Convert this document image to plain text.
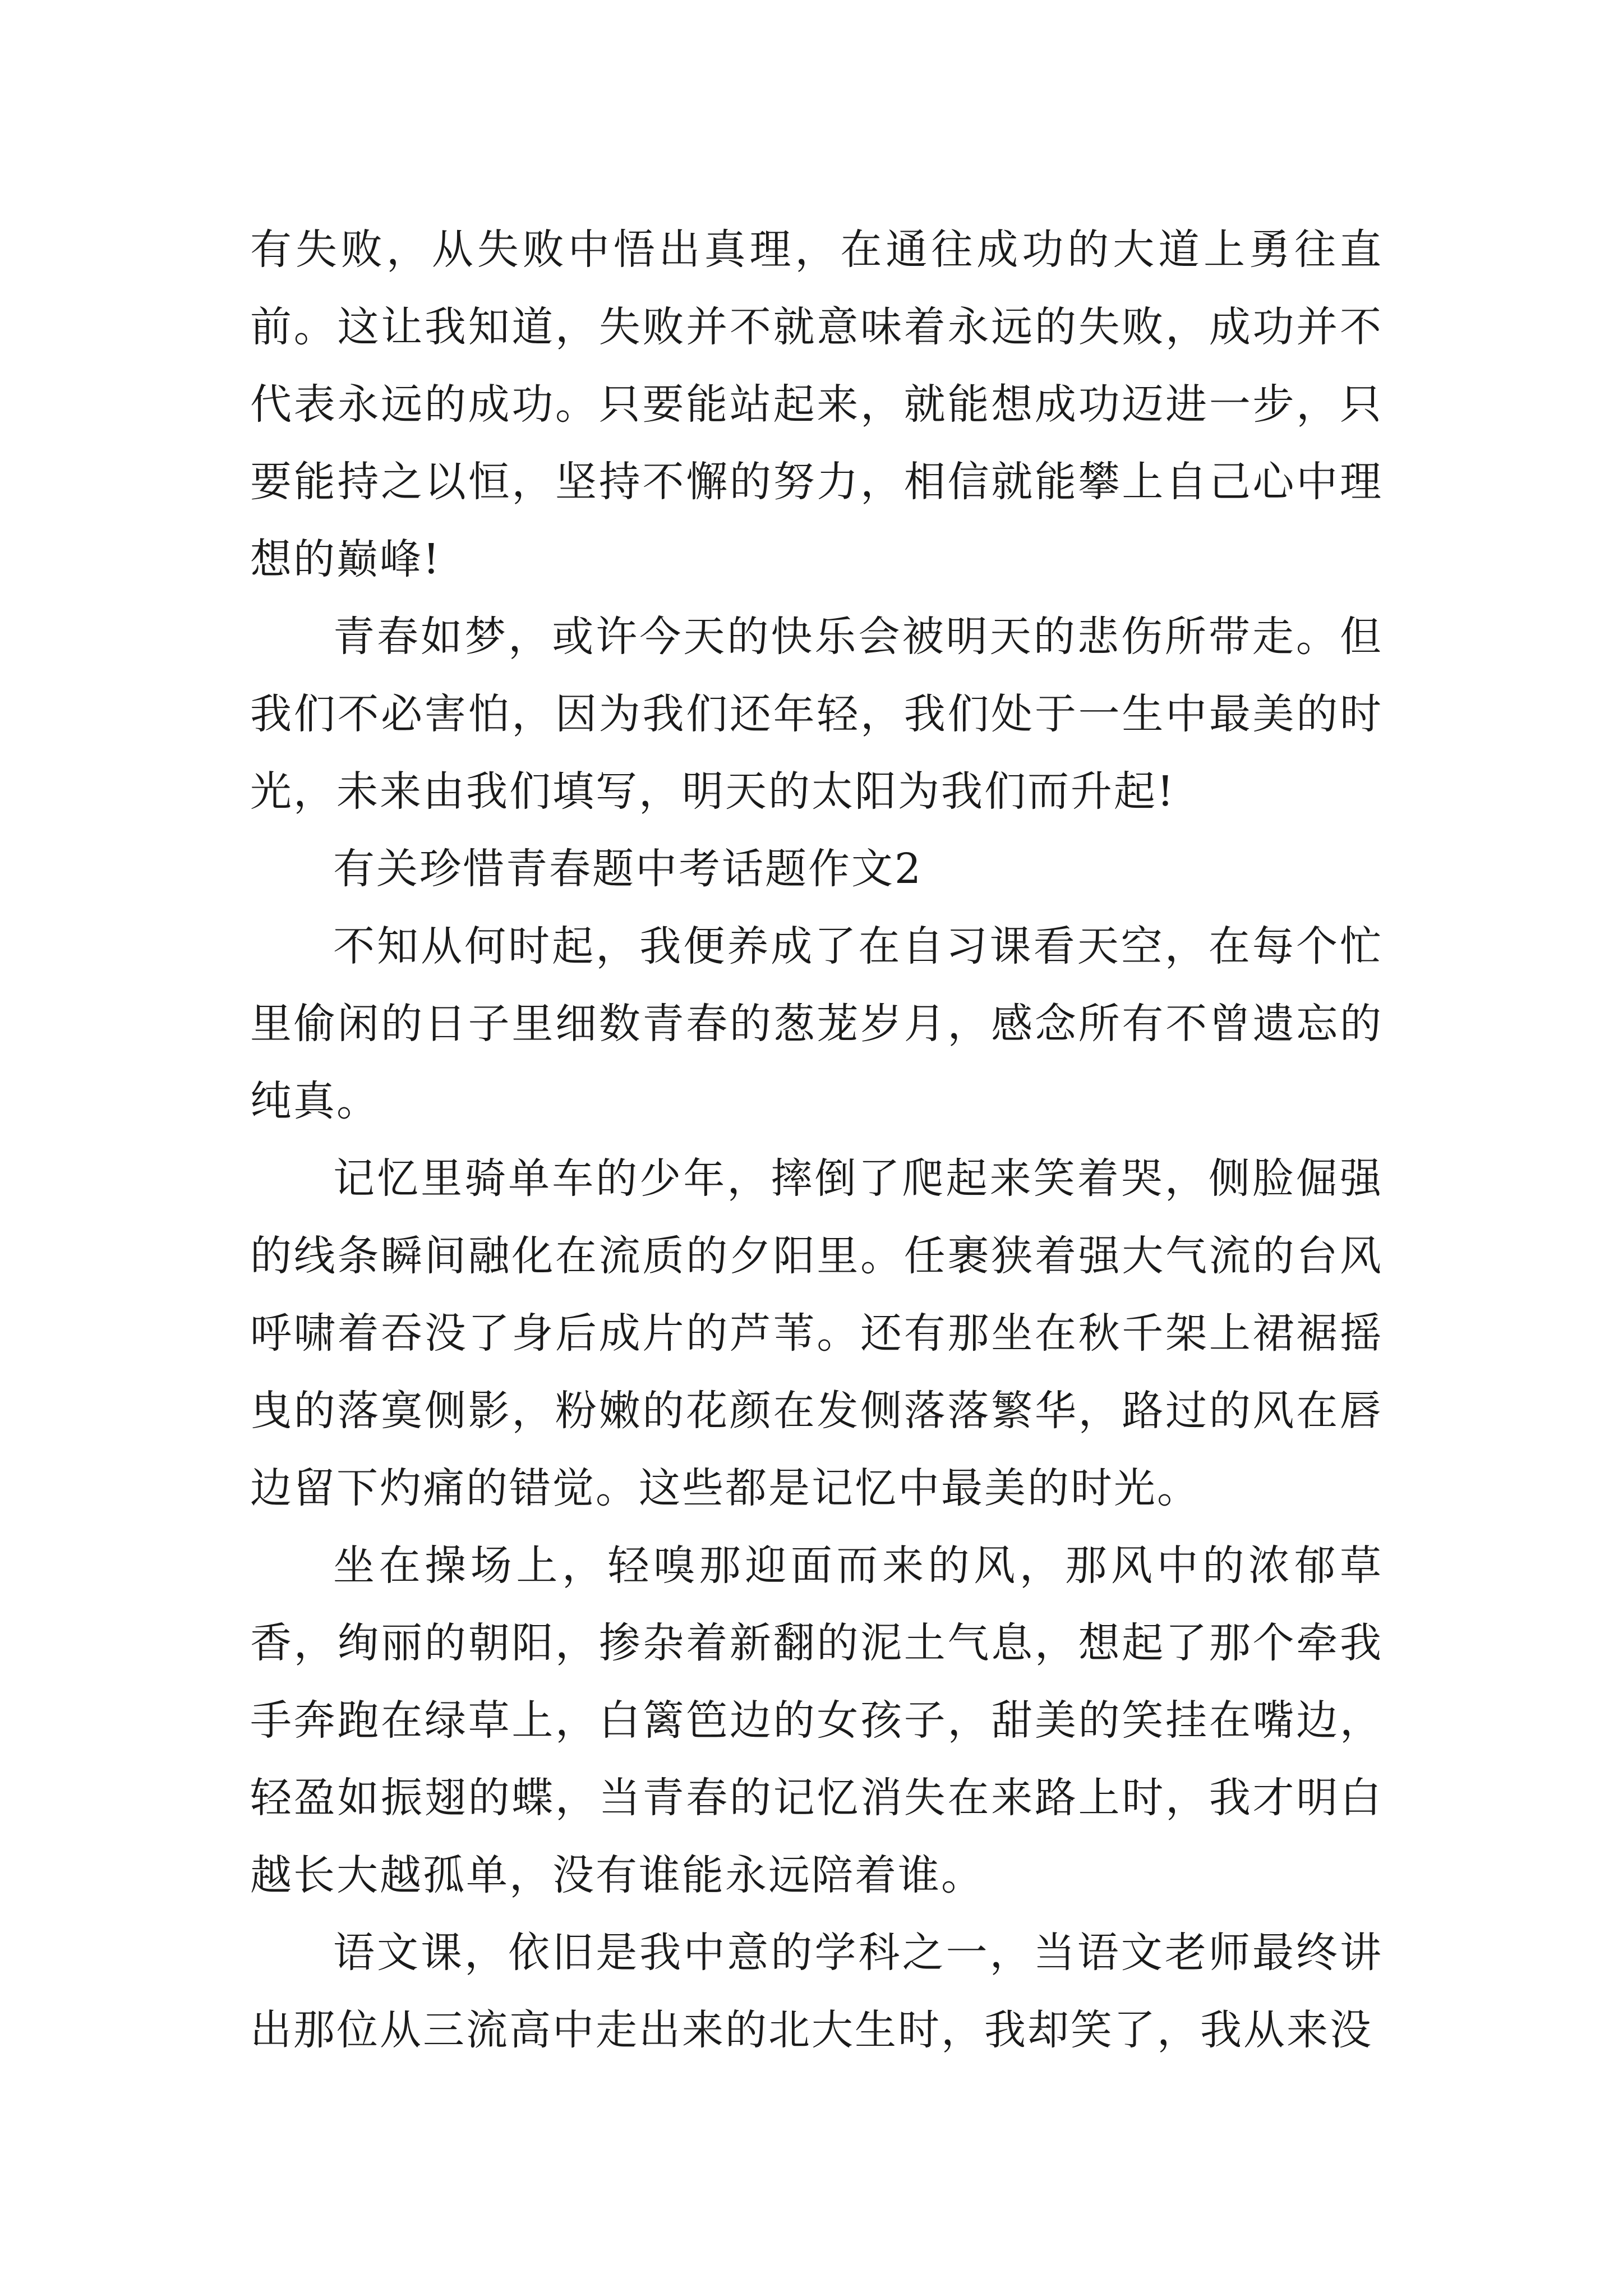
有失败，从失败中悟出真理，在通往成功的大道上勇往直前。这让我知道，失败并不就意味着永远的失败，成功并不代表永远的成功。只要能站起来，就能想成功迈进一步，只要能持之以恒，坚持不懈的努力，相信就能攀上自己心中理想的巅峰!

青春如梦，或许今天的快乐会被明天的悲伤所带走。但我们不必害怕，因为我们还年轻，我们处于一生中最美的时光，未来由我们填写，明天的太阳为我们而升起!

有关珍惜青春题中考话题作文2

不知从何时起，我便养成了在自习课看天空，在每个忙里偷闲的日子里细数青春的葱茏岁月，感念所有不曾遗忘的纯真。

记忆里骑单车的少年，摔倒了爬起来笑着哭，侧脸倔强的线条瞬间融化在流质的夕阳里。任裹狭着强大气流的台风呼啸着吞没了身后成片的芦苇。还有那坐在秋千架上裙裾摇曳的落寞侧影，粉嫩的花颜在发侧落落繁华，路过的风在唇边留下灼痛的错觉。这些都是记忆中最美的时光。

坐在操场上，轻嗅那迎面而来的风，那风中的浓郁草香，绚丽的朝阳，掺杂着新翻的泥土气息，想起了那个牵我手奔跑在绿草上，白篱笆边的女孩子，甜美的笑挂在嘴边，轻盈如振翅的蝶，当青春的记忆消失在来路上时，我才明白越长大越孤单，没有谁能永远陪着谁。

语文课，依旧是我中意的学科之一，当语文老师最终讲出那位从三流高中走出来的北大生时，我却笑了，我从来没
